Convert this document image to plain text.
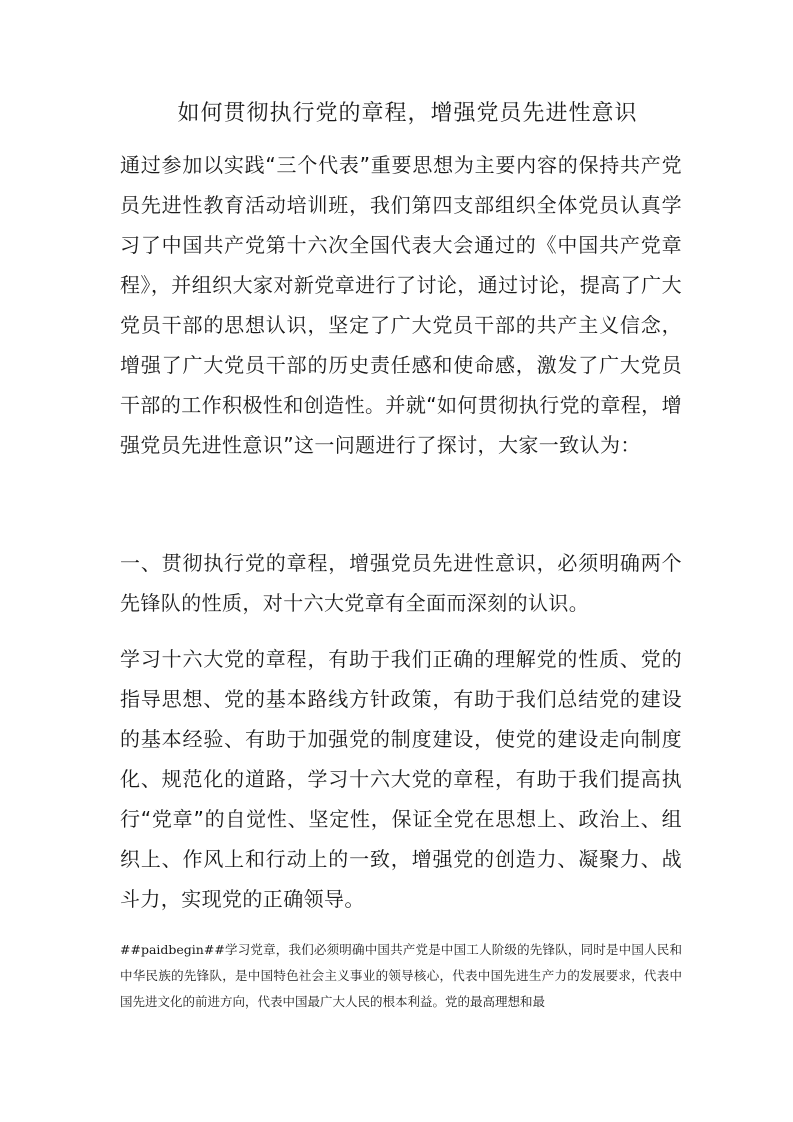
如何贯彻执行党的章程，增强党员先进性意识

通过参加以实践“三个代表”重要思想为主要内容的保持共产党员先进性教育活动培训班，我们第四支部组织全体党员认真学习了中国共产党第十六次全国代表大会通过的《中国共产党章程》，并组织大家对新党章进行了讨论，通过讨论，提高了广大党员干部的思想认识，坚定了广大党员干部的共产主义信念，增强了广大党员干部的历史责任感和使命感，激发了广大党员干部的工作积极性和创造性。并就“如何贯彻执行党的章程，增强党员先进性意识”这一问题进行了探讨，大家一致认为：

一、贯彻执行党的章程，增强党员先进性意识，必须明确两个先锋队的性质，对十六大党章有全面而深刻的认识。

学习十六大党的章程，有助于我们正确的理解党的性质、党的指导思想、党的基本路线方针政策，有助于我们总结党的建设的基本经验、有助于加强党的制度建设，使党的建设走向制度化、规范化的道路，学习十六大党的章程，有助于我们提高执行“党章”的自觉性、坚定性，保证全党在思想上、政治上、组织上、作风上和行动上的一致，增强党的创造力、凝聚力、战斗力，实现党的正确领导。

##paidbegin##学习党章，我们必须明确中国共产党是中国工人阶级的先锋队，同时是中国人民和中华民族的先锋队，是中国特色社会主义事业的领导核心，代表中国先进生产力的发展要求，代表中国先进文化的前进方向，代表中国最广大人民的根本利益。党的最高理想和最
